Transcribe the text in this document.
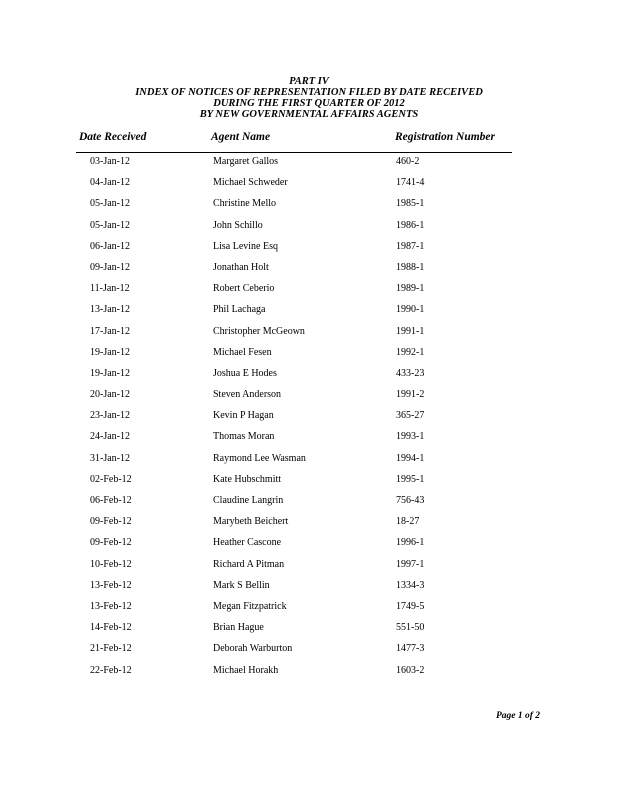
PART IV
INDEX OF NOTICES OF REPRESENTATION FILED BY DATE RECEIVED
DURING THE FIRST QUARTER OF 2012
BY NEW GOVERNMENTAL AFFAIRS AGENTS
Date Received	Agent Name	Registration Number
03-Jan-12	Margaret Gallos	460-2
04-Jan-12	Michael Schweder	1741-4
05-Jan-12	Christine Mello	1985-1
05-Jan-12	John Schillo	1986-1
06-Jan-12	Lisa Levine Esq	1987-1
09-Jan-12	Jonathan Holt	1988-1
11-Jan-12	Robert Ceberio	1989-1
13-Jan-12	Phil Lachaga	1990-1
17-Jan-12	Christopher McGeown	1991-1
19-Jan-12	Michael Fesen	1992-1
19-Jan-12	Joshua E Hodes	433-23
20-Jan-12	Steven Anderson	1991-2
23-Jan-12	Kevin P Hagan	365-27
24-Jan-12	Thomas Moran	1993-1
31-Jan-12	Raymond Lee Wasman	1994-1
02-Feb-12	Kate Hubschmitt	1995-1
06-Feb-12	Claudine Langrin	756-43
09-Feb-12	Marybeth Beichert	18-27
09-Feb-12	Heather Cascone	1996-1
10-Feb-12	Richard A Pitman	1997-1
13-Feb-12	Mark S Bellin	1334-3
13-Feb-12	Megan Fitzpatrick	1749-5
14-Feb-12	Brian Hague	551-50
21-Feb-12	Deborah Warburton	1477-3
22-Feb-12	Michael Horakh	1603-2
Page 1 of 2
